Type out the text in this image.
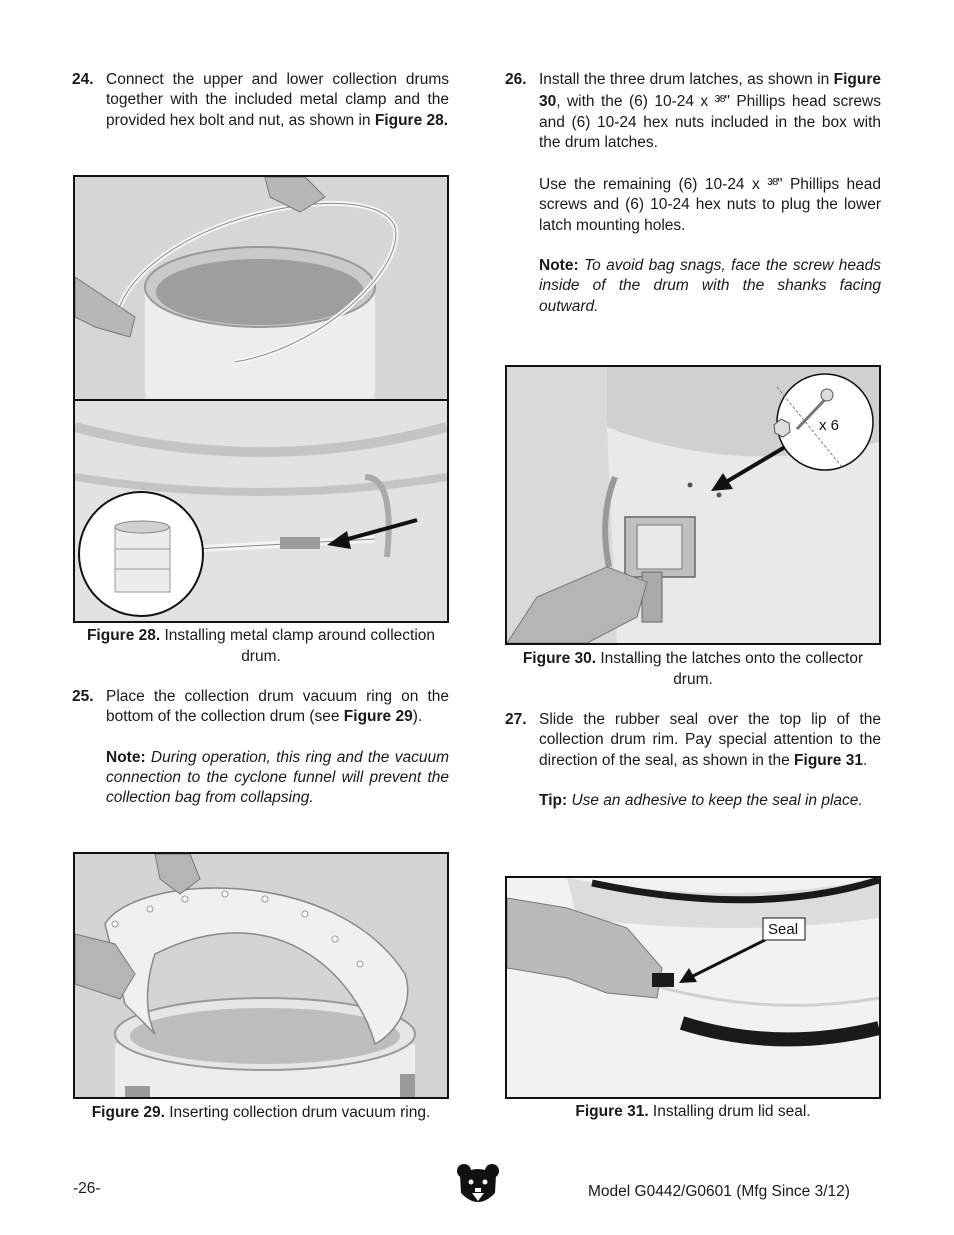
24. Connect the upper and lower collection drums together with the included metal clamp and the provided hex bolt and nut, as shown in Figure 28.

Figure 28. Installing metal clamp around collection drum.
25. Place the collection drum vacuum ring on the bottom of the collection drum (see Figure 29).

Note: During operation, this ring and the vacuum connection to the cyclone funnel will prevent the collection bag from collapsing.

Figure 29. Inserting collection drum vacuum ring.
26. Install the three drum latches, as shown in Figure 30, with the (6) 10-24 x $^{3⁄8}$" Phillips head screws and (6) 10-24 hex nuts included in the box with the drum latches.

Use the remaining (6) 10-24 x $^{3⁄8}$" Phillips head screws and (6) 10-24 hex nuts to plug the lower latch mounting holes.

Note: To avoid bag snags, face the screw heads inside of the drum with the shanks facing outward.

x 6
Figure 30. Installing the latches onto the collector drum.
27. Slide the rubber seal over the top lip of the collection drum rim. Pay special attention to the direction of the seal, as shown in the Figure 31.

Tip: Use an adhesive to keep the seal in place.

Seal
Figure 31. Installing drum lid seal.
-26-	Model G0442/G0601 (Mfg Since 3/12)
